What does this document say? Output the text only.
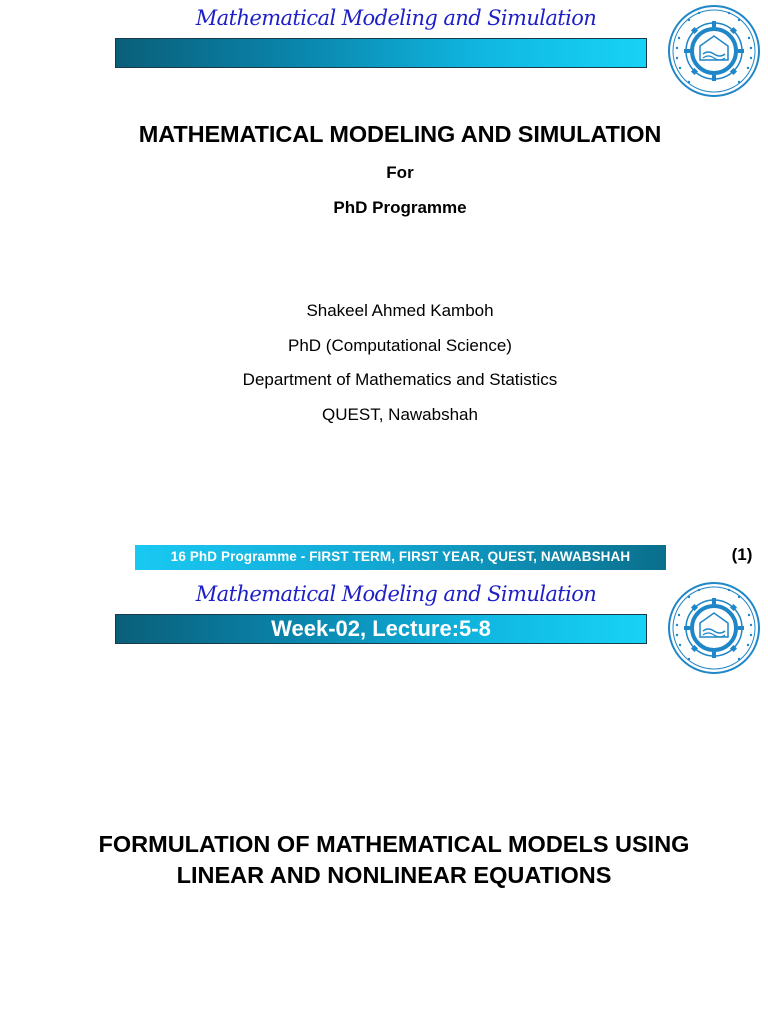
Mathematical Modeling and Simulation
MATHEMATICAL MODELING AND SIMULATION
For
PhD Programme
Shakeel Ahmed Kamboh
PhD (Computational Science)
Department of Mathematics and Statistics
QUEST, Nawabshah
16 PhD Programme - FIRST TERM, FIRST YEAR, QUEST, NAWABSHAH	(1)
Mathematical Modeling and Simulation
Week-02, Lecture:5-8
FORMULATION OF MATHEMATICAL MODELS USING
LINEAR AND NONLINEAR EQUATIONS
